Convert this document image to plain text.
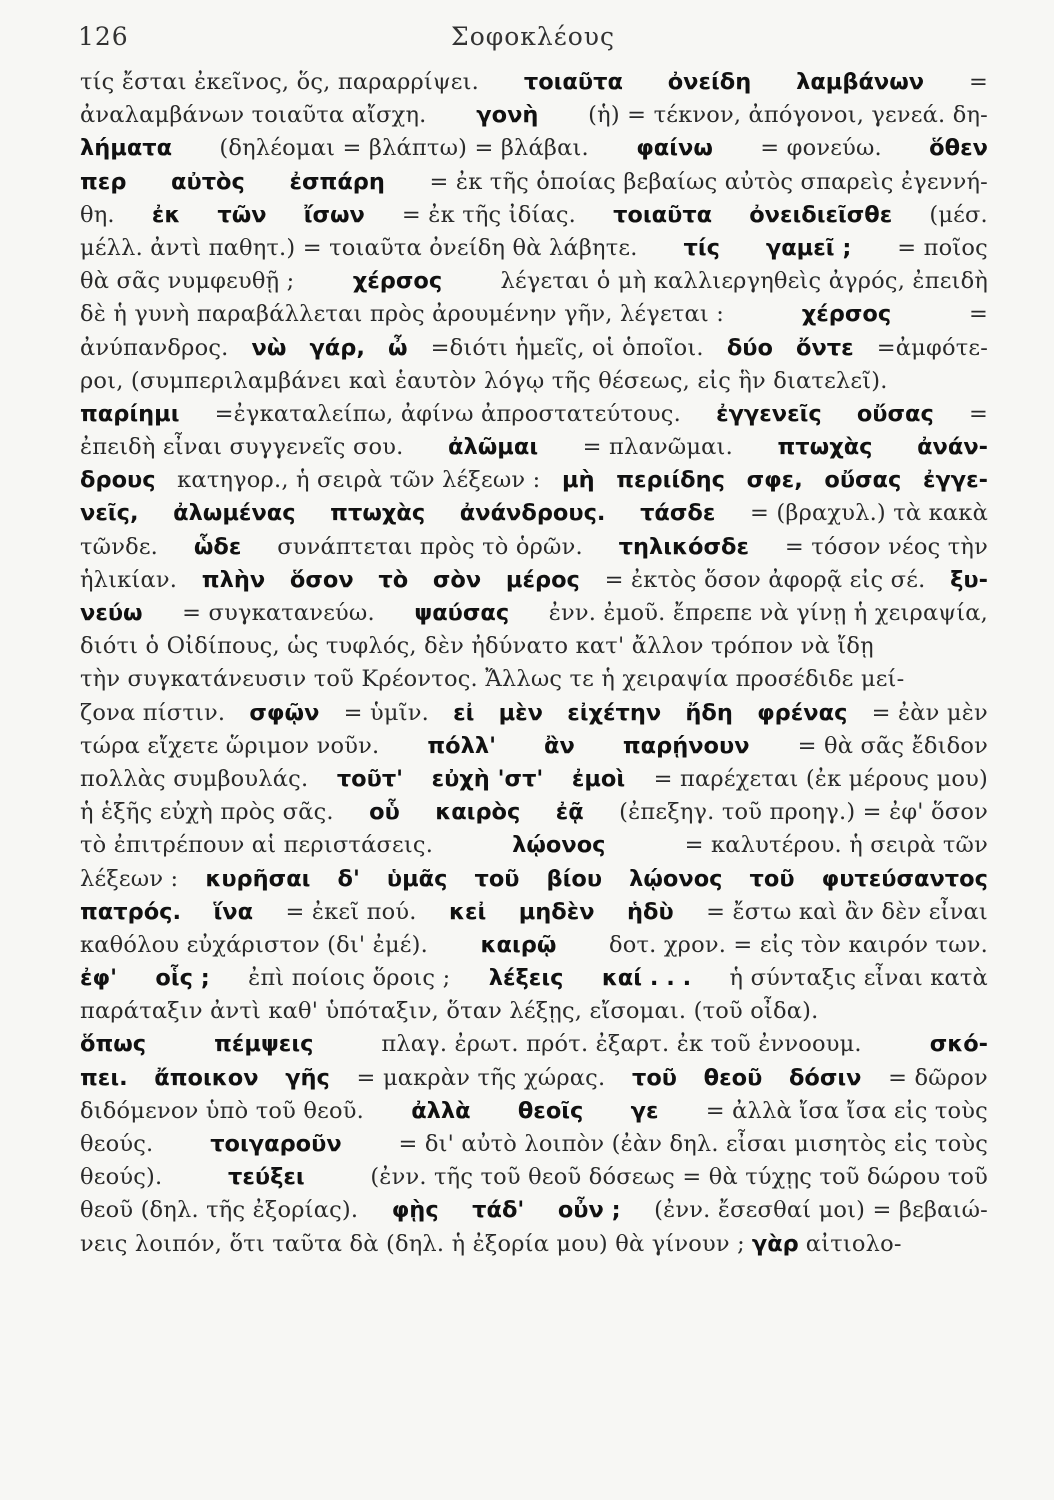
126	Σοφοκλέους
τίς ἔσται ἐκεῖνος, ὅς, παραρρίψει. τοιαῦτα ὀνείδη λαμβάνων =
ἀναλαμβάνων τοιαῦτα αἴσχη. γονὴ (ἡ) = τέκνον, ἀπόγονοι, γενεά. δη-
λήματα (δηλέομαι = βλάπτω) = βλάβαι. φαίνω = φονεύω. ὅθεν
περ αὐτὸς ἐσπάρη = ἐκ τῆς ὁποίας βεβαίως αὐτὸς σπαρεὶς ἐγεννή-
θη. ἐκ τῶν ἴσων = ἐκ τῆς ἰδίας. τοιαῦτα ὀνειδιεῖσθε (μέσ.
μέλλ. ἀντὶ παθητ.) = τοιαῦτα ὀνείδη θὰ λάβητε. τίς γαμεῖ ; = ποῖος
θὰ σᾶς νυμφευθῇ ;	χέρσος	λέγεται ὁ μὴ καλλιεργηθεὶς ἀγρός, ἐπειδὴ
δὲ ἡ γυνὴ παραβάλλεται πρὸς ἀρουμένην γῆν, λέγεται :	χέρσος	=
ἀνύπανδρος. νὼ γάρ, ὦ =διότι ἡμεῖς, οἱ ὁποῖοι. δύο ὄντε =ἀμφότε-
ροι, (συμπεριλαμβάνει καὶ ἑαυτὸν λόγῳ τῆς θέσεως, εἰς ἣν διατελεῖ).
παρίημι =ἐγκαταλείπω, ἀφίνω ἀπροστατεύτους. ἐγγενεῖς οὔσας =
ἐπειδὴ εἶναι συγγενεῖς σου. ἀλῶμαι = πλανῶμαι. πτωχὰς ἀνάν-
δρους κατηγορ., ἡ σειρὰ τῶν λέξεων : μὴ περιίδης σφε, οὔσας ἐγγε-
νεῖς, ἀλωμένας πτωχὰς ἀνάνδρους. τάσδε = (βραχυλ.) τὰ κακὰ
τῶνδε. ὧδε συνάπτεται πρὸς τὸ ὁρῶν. τηλικόσδε = τόσον νέος τὴν
ἡλικίαν. πλὴν ὅσον τὸ σὸν μέρος = ἐκτὸς ὅσον ἀφορᾷ εἰς σέ. ξυ-
νεύω = συγκατανεύω. ψαύσας ἐνν. ἐμοῦ. ἔπρεπε νὰ γίνῃ ἡ χειραψία,
διότι ὁ Οἰδίπους, ὡς τυφλός, δὲν ἠδύνατο κατ' ἄλλον τρόπον νὰ ἴδῃ
τὴν συγκατάνευσιν τοῦ Κρέοντος. Ἄλλως τε ἡ χειραψία προσέδιδε μεί-
ζονα πίστιν. σφῷν = ὑμῖν. εἰ μὲν εἰχέτην ἤδη φρένας = ἐὰν μὲν
τώρα εἴχετε ὥριμον νοῦν. πόλλ' ἂν παρῄνουν = θὰ σᾶς ἔδιδον
πολλὰς συμβουλάς. τοῦτ' εὐχὴ 'στ' ἐμοὶ = παρέχεται (ἐκ μέρους μου)
ἡ ἑξῆς εὐχὴ πρὸς σᾶς. οὗ καιρὸς ἐᾷ (ἐπεξηγ. τοῦ προηγ.) = ἐφ' ὅσον
τὸ ἐπιτρέπουν αἱ περιστάσεις.	λῴονος	= καλυτέρου. ἡ σειρὰ τῶν
λέξεων : κυρῆσαι δ' ὑμᾶς τοῦ βίου λῴονος τοῦ φυτεύσαντος
πατρός. ἵνα = ἐκεῖ πού. κεἰ μηδὲν ἡδὺ = ἔστω καὶ ἂν δὲν εἶναι
καθόλου εὐχάριστον (δι' ἐμέ). καιρῷ δοτ. χρον. = εἰς τὸν καιρόν των.
ἐφ' οἷς ; ἐπὶ ποίοις ὅροις ; λέξεις καί . . . ἡ σύνταξις εἶναι κατὰ
παράταξιν ἀντὶ καθ' ὑπόταξιν, ὅταν λέξῃς, εἴσομαι. (τοῦ οἶδα).
ὅπως	πέμψεις	πλαγ. ἐρωτ. πρότ. ἐξαρτ. ἐκ τοῦ ἐννοουμ.	σκό-
πει. ἄποικον γῆς = μακρὰν τῆς χώρας. τοῦ θεοῦ δόσιν = δῶρον
διδόμενον ὑπὸ τοῦ θεοῦ. ἀλλὰ θεοῖς γε = ἀλλὰ ἴσα ἴσα εἰς τοὺς
θεούς.	τοιγαροῦν	= δι' αὐτὸ λοιπὸν (ἐὰν δηλ. εἶσαι μισητὸς εἰς τοὺς
θεούς).	τεύξει	(ἐνν. τῆς τοῦ θεοῦ δόσεως = θὰ τύχῃς τοῦ δώρου τοῦ
θεοῦ (δηλ. τῆς ἐξορίας). φῂς τάδ' οὖν ; (ἐνν. ἔσεσθαί μοι) = βεβαιώ-
νεις λοιπόν, ὅτι ταῦτα δὰ (δηλ. ἡ ἐξορία μου) θὰ γίνουν ; γὰρ αἰτιολο-
